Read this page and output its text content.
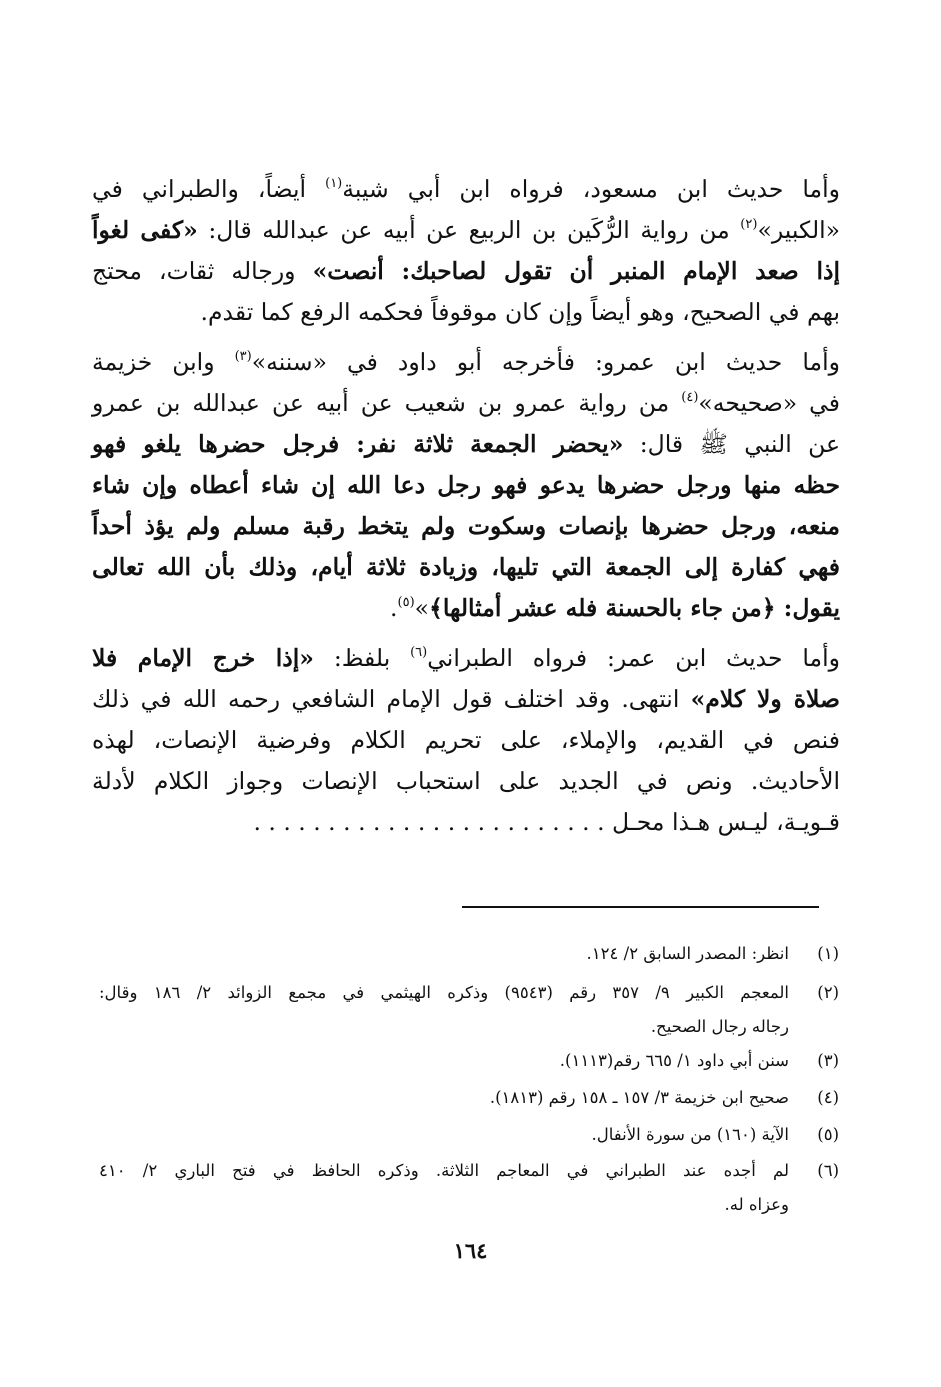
وأما حديث ابن مسعود، فرواه ابن أبي شيبة$^{(١)}$ أيضاً، والطبراني في
«الكبير»$^{(٢)}$ من رواية الرُّكَين بن الربيع عن أبيه عن عبدالله قال: «كفى لغواً
إذا صعد الإمام المنبر أن تقول لصاحبك: أنصت» ورجاله ثقات، محتج
بهم في الصحيح، وهو أيضاً وإن كان موقوفاً فحكمه الرفع كما تقدم.
وأما حديث ابن عمرو: فأخرجه أبو داود في «سننه»$^{(٣)}$ وابن خزيمة
في «صحيحه»$^{(٤)}$ من رواية عمرو بن شعيب عن أبيه عن عبدالله بن عمرو
عن النبي ﷺ قال: «يحضر الجمعة ثلاثة نفر: فرجل حضرها يلغو فهو
حظه منها ورجل حضرها يدعو فهو رجل دعا الله إن شاء أعطاه وإن شاء
منعه، ورجل حضرها بإنصات وسكوت ولم يتخط رقبة مسلم ولم يؤذ أحداً
فهي كفارة إلى الجمعة التي تليها، وزيادة ثلاثة أيام، وذلك بأن الله تعالى
يقول: ﴿من جاء بالحسنة فله عشر أمثالها﴾»$^{(٥)}$.
وأما حديث ابن عمر: فرواه الطبراني$^{(٦)}$ بلفظ: «إذا خرج الإمام فلا
صلاة ولا كلام» انتهى. وقد اختلف قول الإمام الشافعي رحمه الله في ذلك
فنص في القديم، والإملاء، على تحريم الكلام وفرضية الإنصات، لهذه
الأحاديث. ونص في الجديد على استحباب الإنصات وجواز الكلام لأدلة
قـويـة، ليـس هـذا محـل . . . . . . . . . . . . . . . . . . . . . . . .
(١)انظر: المصدر السابق ٢/ ١٢٤.
(٢)المعجم الكبير ٩/ ٣٥٧ رقم (٩٥٤٣) وذكره الهيثمي في مجمع الزوائد ٢/ ١٨٦ وقال:
رجاله رجال الصحيح.
(٣)سنن أبي داود ١/ ٦٦٥ رقم(١١١٣).
(٤)صحيح ابن خزيمة ٣/ ١٥٧ ـ ١٥٨ رقم (١٨١٣).
(٥)الآية (١٦٠) من سورة الأنفال.
(٦)لم أجده عند الطبراني في المعاجم الثلاثة. وذكره الحافظ في فتح الباري ٢/ ٤١٠
وعزاه له.
١٦٤
